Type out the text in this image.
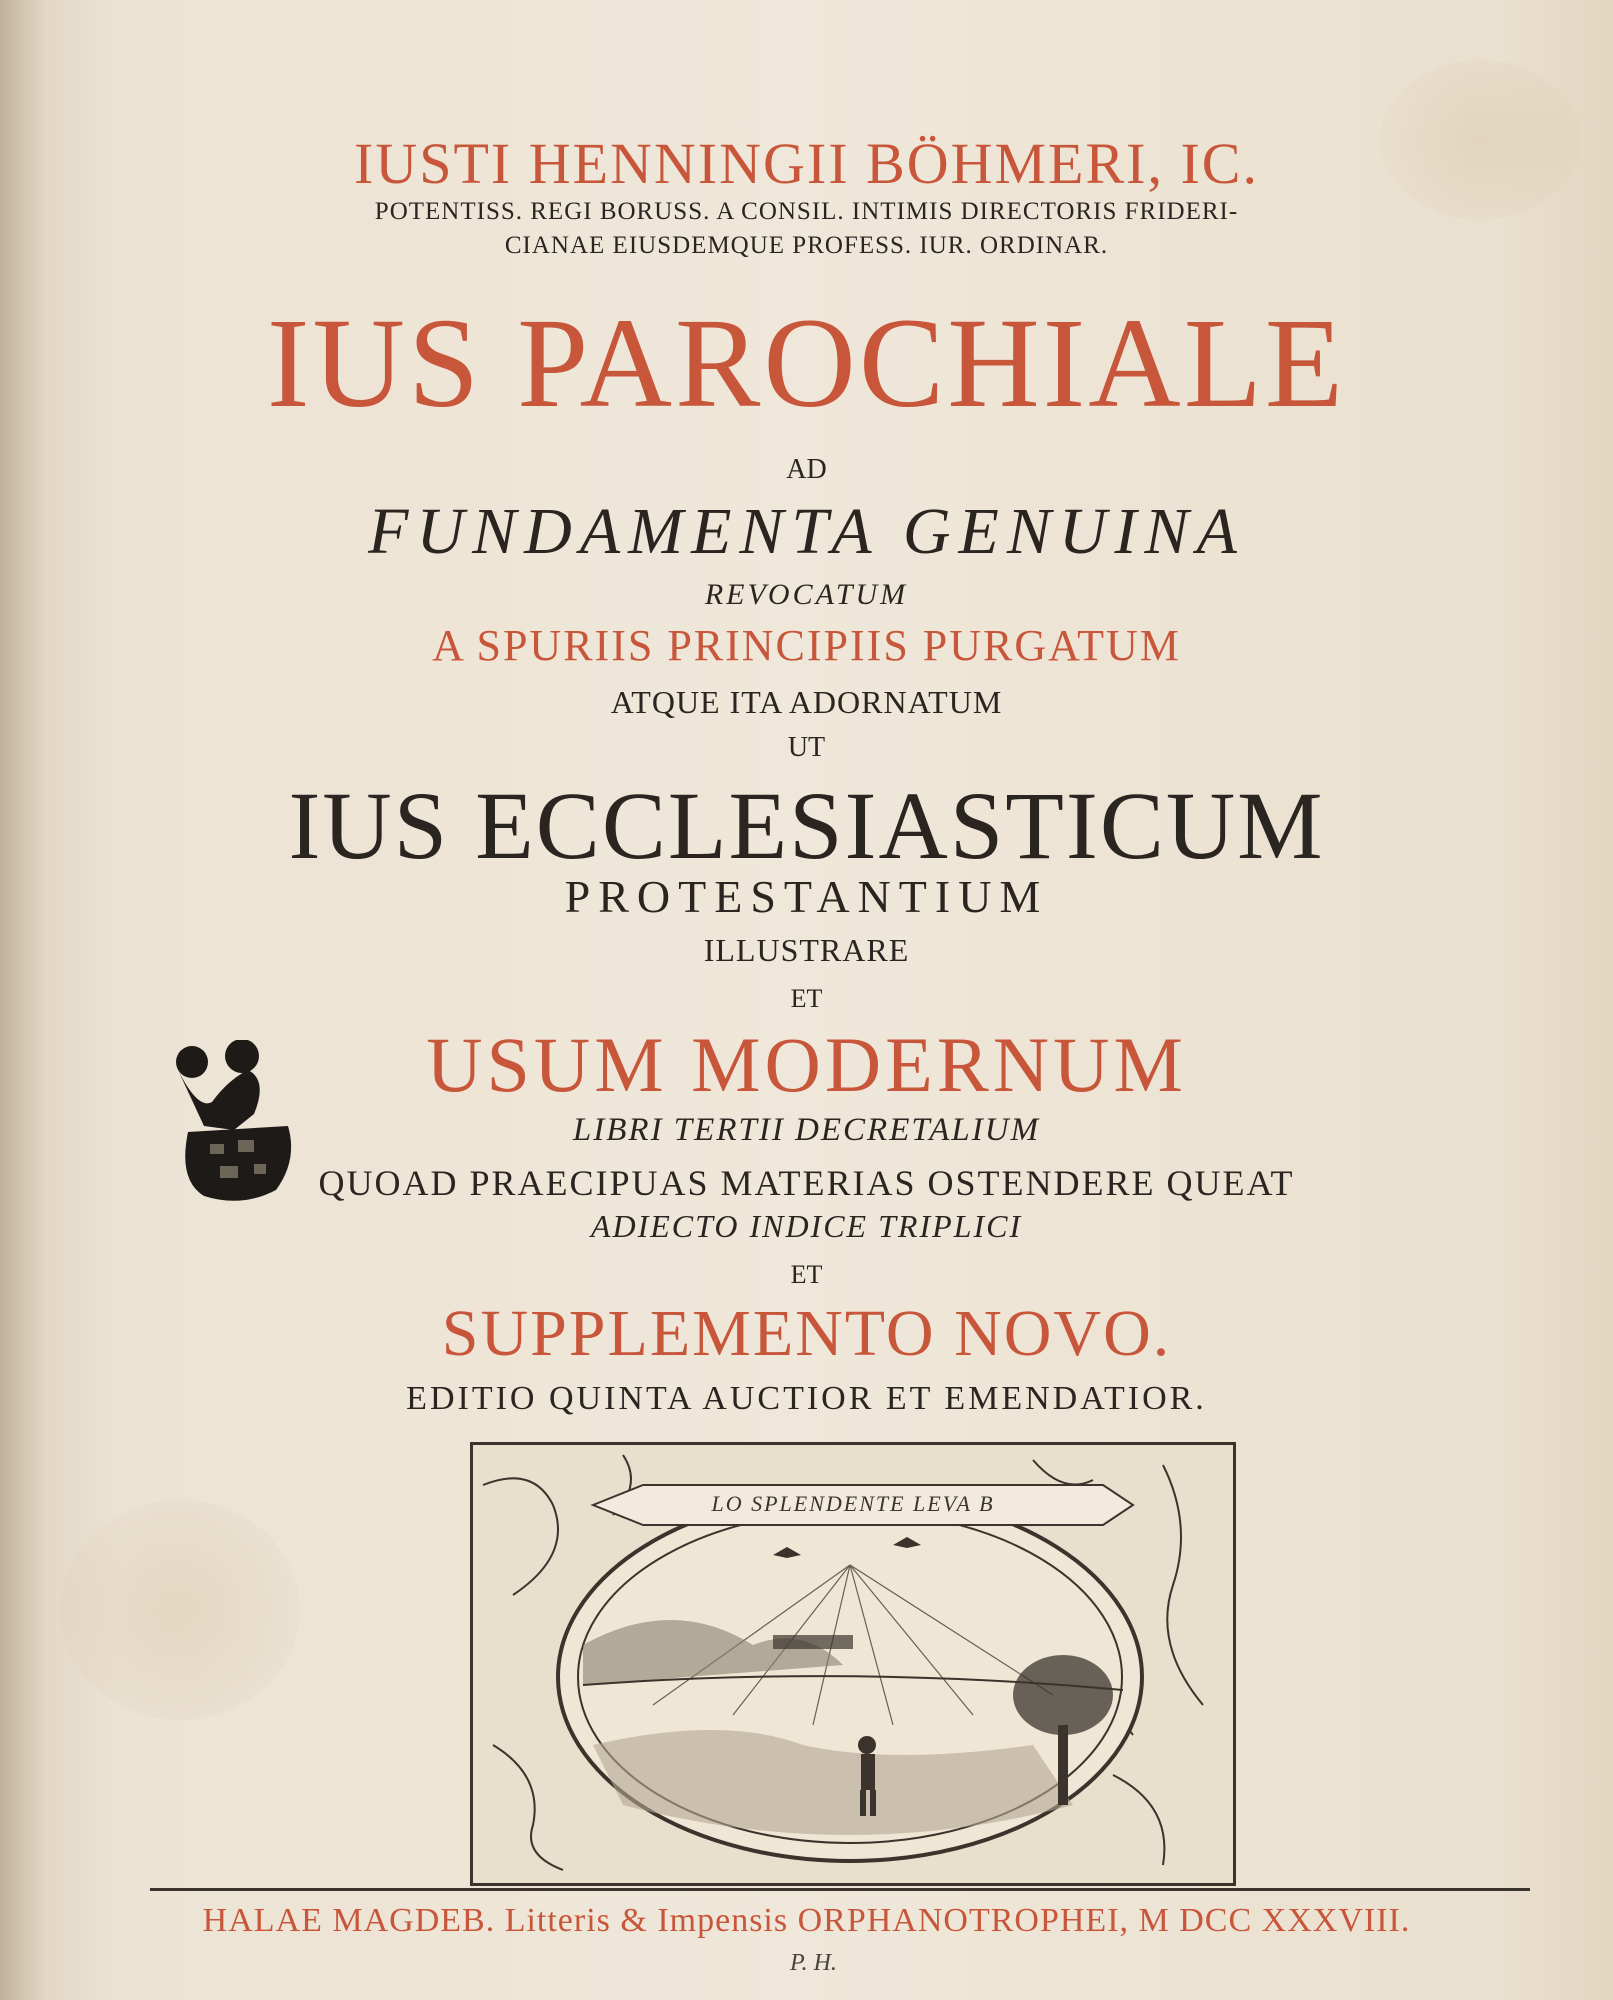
IUSTI HENNINGII BÖHMERI, IC.
POTENTISS. REGI BORUSS. A CONSIL. INTIMIS DIRECTORIS FRIDERI-
CIANAE EIUSDEMQUE PROFESS. IUR. ORDINAR.
IUS PAROCHIALE
AD
FUNDAMENTA GENUINA
REVOCATUM
A SPURIIS PRINCIPIIS PURGATUM
ATQUE ITA ADORNATUM
UT
IUS ECCLESIASTICUM
PROTESTANTIUM
ILLUSTRARE
ET
USUM MODERNUM
LIBRI TERTII DECRETALIUM
QUOAD PRAECIPUAS MATERIAS OSTENDERE QUEAT
ADIECTO INDICE TRIPLICI
ET
SUPPLEMENTO NOVO.
EDITIO QUINTA AUCTIOR ET EMENDATIOR.
LO SPLENDENTE LEVA B
HALAE MAGDEB. Litteris & Impensis ORPHANOTROPHEI, M DCC XXXVIII.
P. H.
